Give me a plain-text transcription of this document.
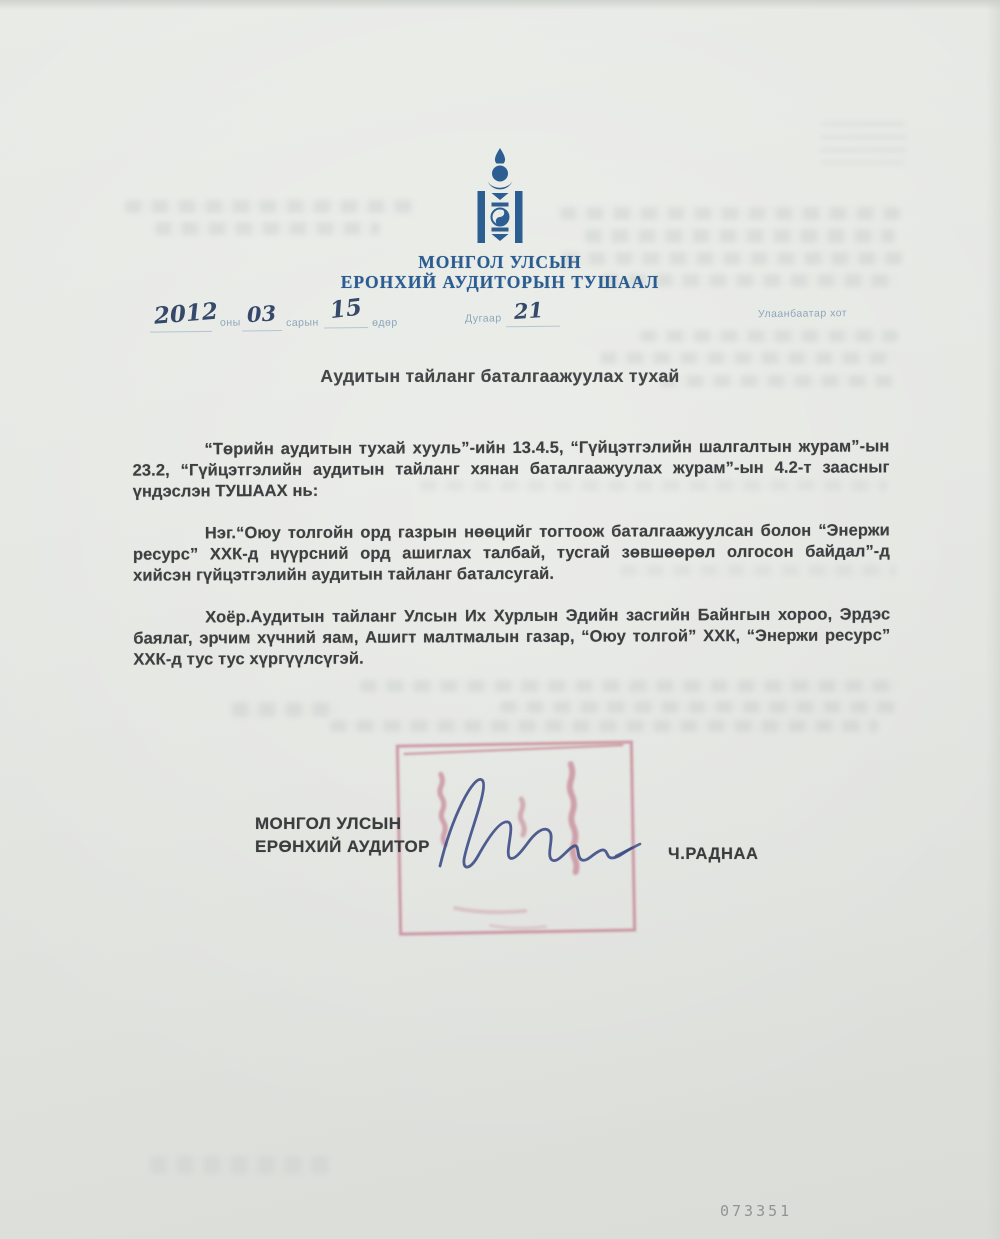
МОНГОЛ УЛСЫН
ЕРОНХИЙ АУДИТОРЫН ТУШААЛ
2012 оны 03 сарын 15 өдөр	Дугаар 21	Улаанбаатар хот
Аудитын тайланг баталгаажуулах тухай

“Төрийн аудитын тухай хууль”-ийн 13.4.5, “Гүйцэтгэлийн шалгалтын журам”-ын 23.2, “Гүйцэтгэлийн аудитын тайланг хянан баталгаажуулах журам”-ын 4.2-т заасныг үндэслэн ТУШААХ нь:

Нэг.“Оюу толгойн орд газрын нөөцийг тогтоож баталгаажуулсан болон “Энержи ресурс” ХХК-д нүүрсний орд ашиглах талбай, тусгай зөвшөөрөл олгосон байдал”-д хийсэн гүйцэтгэлийн аудитын тайланг баталсугай.

Хоёр.Аудитын тайланг Улсын Их Хурлын Эдийн засгийн Байнгын хороо, Эрдэс баялаг, эрчим хүчний яам, Ашигт малтмалын газар, “Оюу толгой” ХХК, “Энержи ресурс” ХХК-д тус тус хүргүүлсүгэй.

МОНГОЛ УЛСЫН
ЕРӨНХИЙ АУДИТОР	Ч.РАДНАА
073351
